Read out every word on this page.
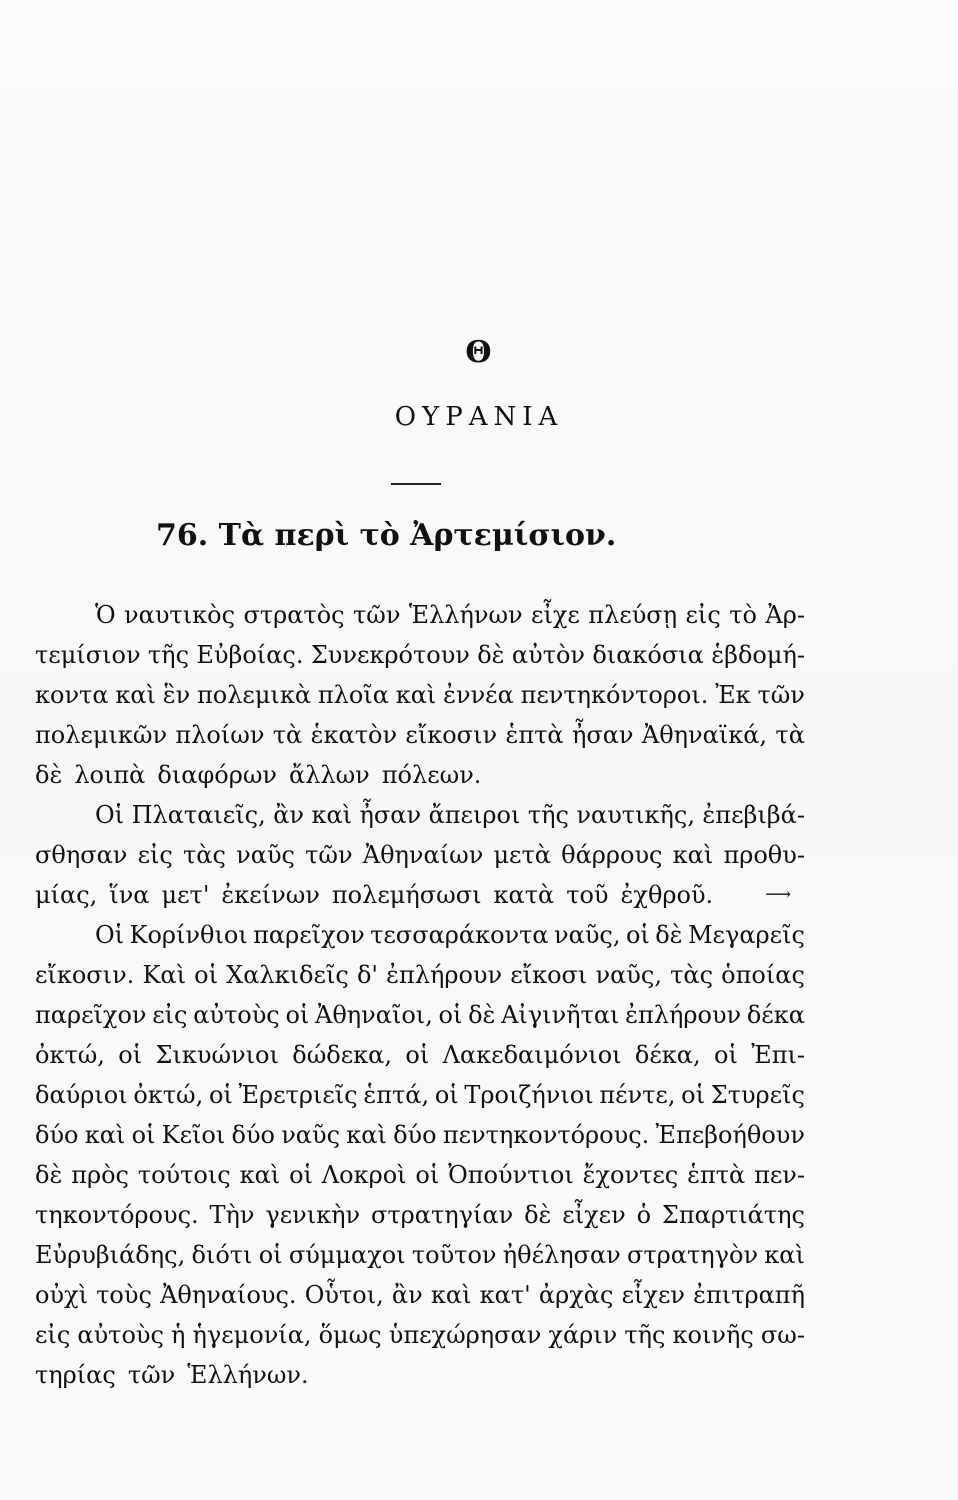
Θ
ΟΥΡΑΝΙΑ
76. Τὰ περὶ τὸ Ἀρτεμίσιον.
Ὁ ναυτικὸς στρατὸς τῶν Ἑλλήνων εἶχε πλεύσῃ εἰς τὸ Ἀρ-
τεμίσιον τῆς Εὐβοίας. Συνεκρότουν δὲ αὐτὸν διακόσια ἑβδομή-
κοντα καὶ ἓν πολεμικὰ πλοῖα καὶ ἐννέα πεντηκόντοροι. Ἐκ τῶν
πολεμικῶν πλοίων τὰ ἑκατὸν εἴκοσιν ἑπτὰ ἦσαν Ἀθηναϊκά, τὰ
δὲ λοιπὰ διαφόρων ἄλλων πόλεων.
Οἱ Πλαταιεῖς, ἂν καὶ ἦσαν ἄπειροι τῆς ναυτικῆς, ἐπεβιβά-
σθησαν εἰς τὰς ναῦς τῶν Ἀθηναίων μετὰ θάρρους καὶ προθυ-
μίας, ἵνα μετ' ἐκείνων πολεμήσωσι κατὰ τοῦ ἐχθροῦ.	⟶
Οἱ Κορίνθιοι παρεῖχον τεσσαράκοντα ναῦς, οἱ δὲ Μεγαρεῖς
εἴκοσιν. Καὶ οἱ Χαλκιδεῖς δ' ἐπλήρουν εἴκοσι ναῦς, τὰς ὁποίας
παρεῖχον εἰς αὐτοὺς οἱ Ἀθηναῖοι, οἱ δὲ Αἰγινῆται ἐπλήρουν δέκα
ὀκτώ, οἱ Σικυώνιοι δώδεκα, οἱ Λακεδαιμόνιοι δέκα, οἱ Ἐπι-
δαύριοι ὀκτώ, οἱ Ἐρετριεῖς ἑπτά, οἱ Τροιζήνιοι πέντε, οἱ Στυρεῖς
δύο καὶ οἱ Κεῖοι δύο ναῦς καὶ δύο πεντηκοντόρους. Ἐπεβοήθουν
δὲ πρὸς τούτοις καὶ οἱ Λοκροὶ οἱ Ὀπούντιοι ἔχοντες ἑπτὰ πεν-
τηκοντόρους. Τὴν γενικὴν στρατηγίαν δὲ εἶχεν ὁ Σπαρτιάτης
Εὐρυβιάδης, διότι οἱ σύμμαχοι τοῦτον ἠθέλησαν στρατηγὸν καὶ
οὐχὶ τοὺς Ἀθηναίους. Οὗτοι, ἂν καὶ κατ' ἀρχὰς εἶχεν ἐπιτραπῆ
εἰς αὐτοὺς ἡ ἡγεμονία, ὅμως ὑπεχώρησαν χάριν τῆς κοινῆς σω-
τηρίας τῶν Ἑλλήνων.
